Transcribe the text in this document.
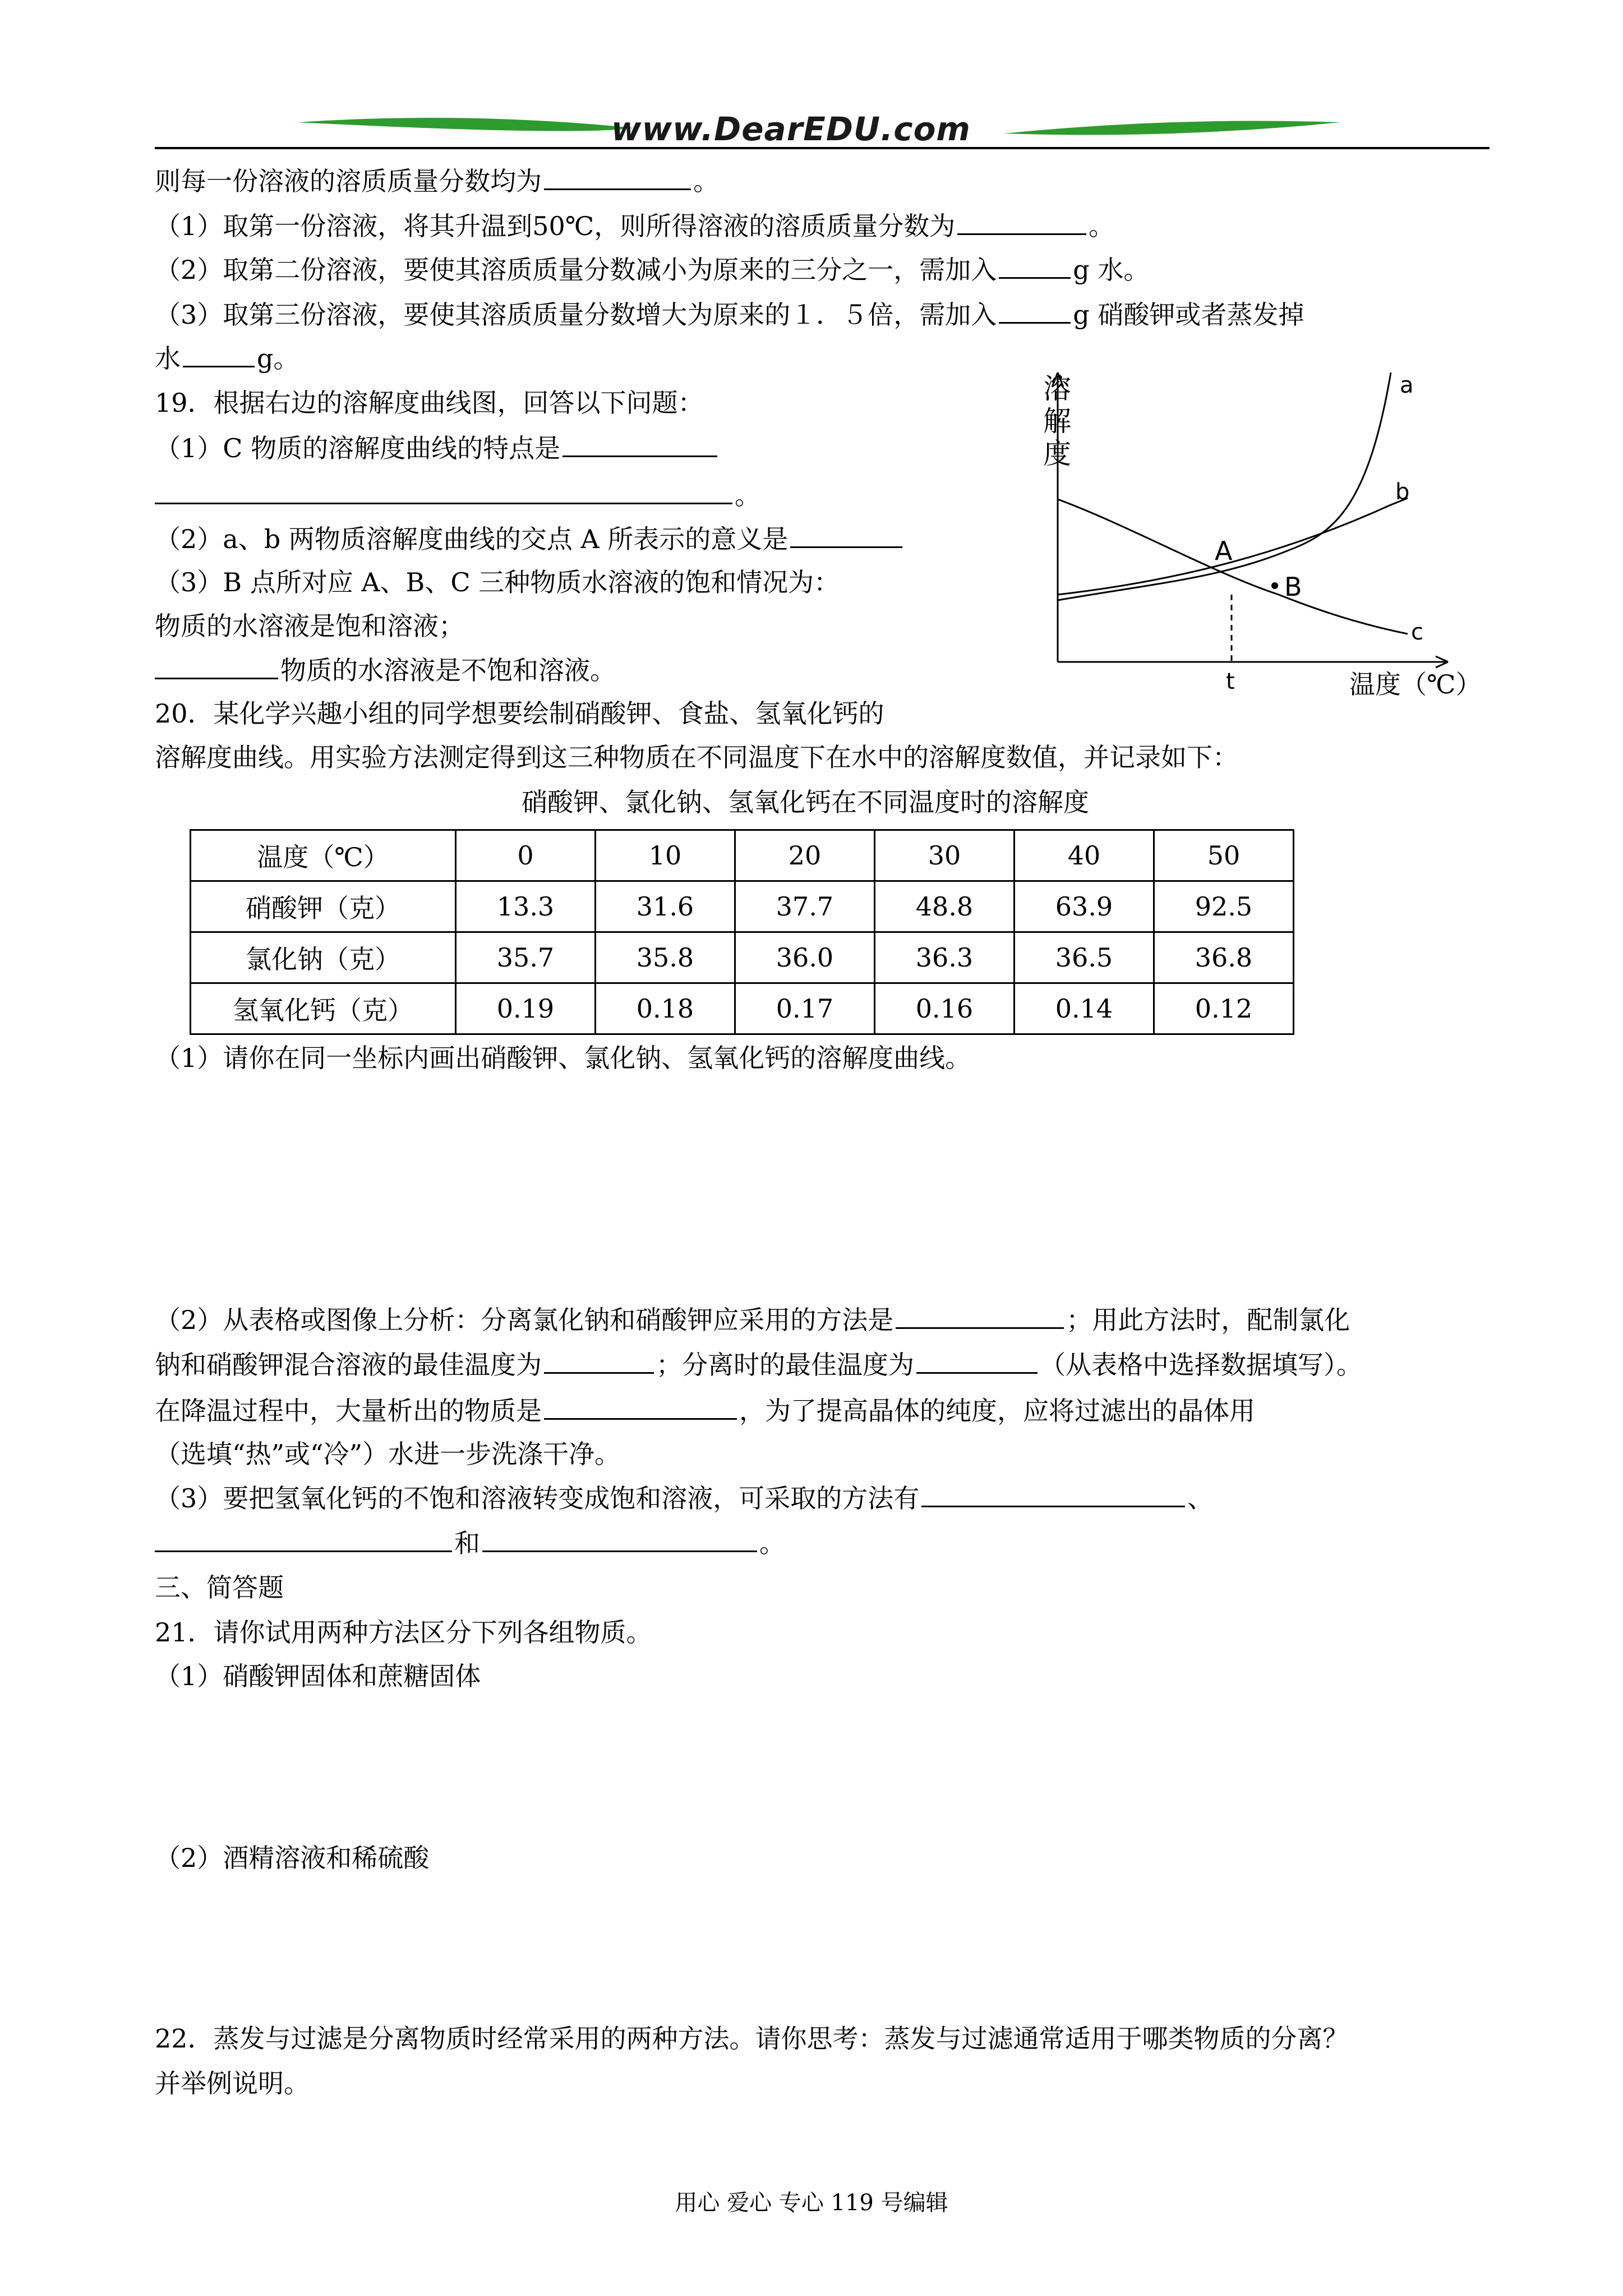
www.DearEDU.com
则每一份溶液的溶质质量分数均为	。
（1）取第一份溶液，将其升温到50℃，则所得溶液的溶质质量分数为	。
（2）取第二份溶液，要使其溶质质量分数减小为原来的三分之一，需加入	g 水。
（3）取第三份溶液，要使其溶质质量分数增大为原来的１．５倍，需加入	g 硝酸钾或者蒸发掉
水	g。
19．根据右边的溶解度曲线图，回答以下问题：
（1）C 物质的溶解度曲线的特点是
。
（2）a、b 两物质溶解度曲线的交点 A 所表示的意义是
（3）B 点所对应 A、B、C 三种物质水溶液的饱和情况为：
物质的水溶液是饱和溶液；
物质的水溶液是不饱和溶液。
溶
解
度
温度（℃）
a
b
c
A
B
t
20．某化学兴趣小组的同学想要绘制硝酸钾、食盐、氢氧化钙的
溶解度曲线。用实验方法测定得到这三种物质在不同温度下在水中的溶解度数值，并记录如下：
硝酸钾、氯化钠、氢氧化钙在不同温度时的溶解度
温度（℃）	0	10	20	30	40	50
硝酸钾（克）	13.3	31.6	37.7	48.8	63.9	92.5
氯化钠（克）	35.7	35.8	36.0	36.3	36.5	36.8
氢氧化钙（克）	0.19	0.18	0.17	0.16	0.14	0.12
（1）请你在同一坐标内画出硝酸钾、氯化钠、氢氧化钙的溶解度曲线。
（2）从表格或图像上分析：分离氯化钠和硝酸钾应采用的方法是	；用此方法时，配制氯化
钠和硝酸钾混合溶液的最佳温度为	；分离时的最佳温度为	（从表格中选择数据填写）。
在降温过程中，大量析出的物质是	，为了提高晶体的纯度，应将过滤出的晶体用
（选填“热”或“冷”）水进一步洗涤干净。
（3）要把氢氧化钙的不饱和溶液转变成饱和溶液，可采取的方法有	、
和	。
三、简答题
21．请你试用两种方法区分下列各组物质。
（1）硝酸钾固体和蔗糖固体
（2）酒精溶液和稀硫酸
22．蒸发与过滤是分离物质时经常采用的两种方法。请你思考：蒸发与过滤通常适用于哪类物质的分离？
并举例说明。
用心 爱心 专心 119 号编辑
